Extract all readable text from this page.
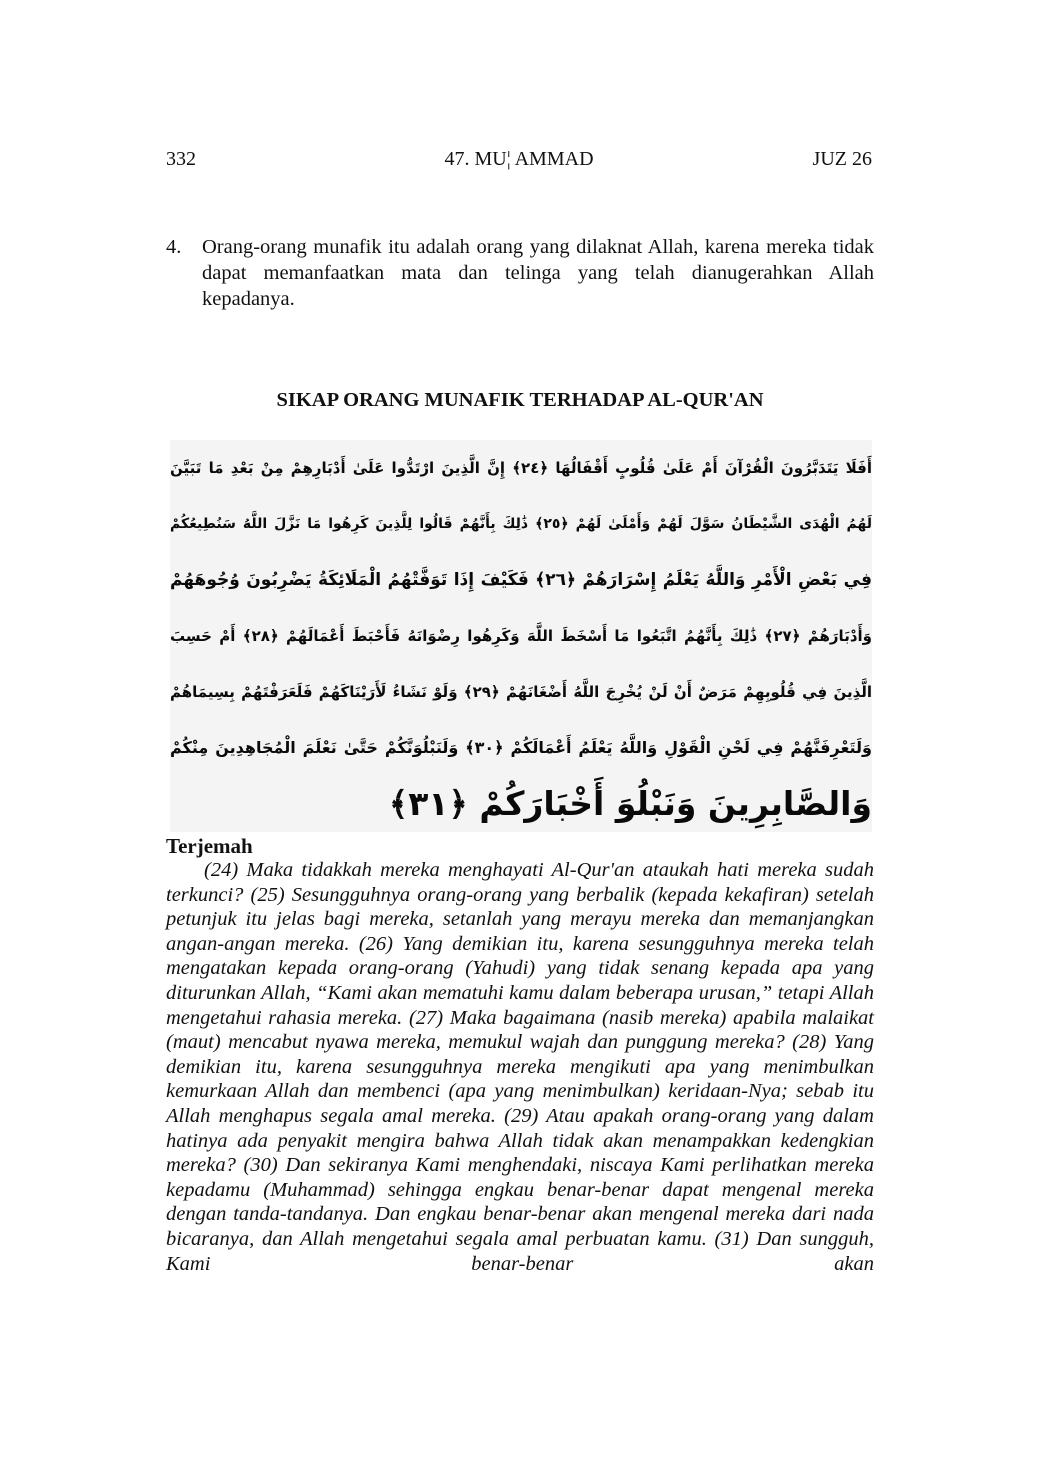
332	47. MU¦ AMMAD	JUZ 26
4. Orang-orang munafik itu adalah orang yang dilaknat Allah, karena mereka tidak dapat memanfaatkan mata dan telinga yang telah dianugerahkan Allah kepadanya.
SIKAP ORANG MUNAFIK TERHADAP AL-QUR'AN
أَفَلَا يَتَدَبَّرُونَ الْقُرْآنَ أَمْ عَلَىٰ قُلُوبٍ أَقْفَالُهَا ﴿٢٤﴾ إِنَّ الَّذِينَ ارْتَدُّوا عَلَىٰ أَدْبَارِهِمْ مِنْ بَعْدِ مَا تَبَيَّنَ
لَهُمُ الْهُدَى الشَّيْطَانُ سَوَّلَ لَهُمْ وَأَمْلَىٰ لَهُمْ ﴿٢٥﴾ ذَٰلِكَ بِأَنَّهُمْ قَالُوا لِلَّذِينَ كَرِهُوا مَا نَزَّلَ اللَّهُ سَنُطِيعُكُمْ
فِي بَعْضِ الْأَمْرِ وَاللَّهُ يَعْلَمُ إِسْرَارَهُمْ ﴿٢٦﴾ فَكَيْفَ إِذَا تَوَفَّتْهُمُ الْمَلَائِكَةُ يَضْرِبُونَ وُجُوهَهُمْ
وَأَدْبَارَهُمْ ﴿٢٧﴾ ذَٰلِكَ بِأَنَّهُمُ اتَّبَعُوا مَا أَسْخَطَ اللَّهَ وَكَرِهُوا رِضْوَانَهُ فَأَحْبَطَ أَعْمَالَهُمْ ﴿٢٨﴾ أَمْ حَسِبَ
الَّذِينَ فِي قُلُوبِهِمْ مَرَضٌ أَنْ لَنْ يُخْرِجَ اللَّهُ أَضْغَانَهُمْ ﴿٢٩﴾ وَلَوْ نَشَاءُ لَأَرَيْنَاكَهُمْ فَلَعَرَفْتَهُمْ بِسِيمَاهُمْ
وَلَتَعْرِفَنَّهُمْ فِي لَحْنِ الْقَوْلِ وَاللَّهُ يَعْلَمُ أَعْمَالَكُمْ ﴿٣٠﴾ وَلَنَبْلُوَنَّكُمْ حَتَّىٰ نَعْلَمَ الْمُجَاهِدِينَ مِنْكُمْ
وَالصَّابِرِينَ وَنَبْلُوَ أَخْبَارَكُمْ ﴿٣١﴾
Terjemah
(24) Maka tidakkah mereka menghayati Al-Qur'an ataukah hati mereka sudah terkunci? (25) Sesungguhnya orang-orang yang berbalik (kepada kekafiran) setelah petunjuk itu jelas bagi mereka, setanlah yang merayu mereka dan memanjangkan angan-angan mereka. (26) Yang demikian itu, karena sesungguhnya mereka telah mengatakan kepada orang-orang (Yahudi) yang tidak senang kepada apa yang diturunkan Allah, “Kami akan mematuhi kamu dalam beberapa urusan,” tetapi Allah mengetahui rahasia mereka. (27) Maka bagaimana (nasib mereka) apabila malaikat (maut) mencabut nyawa mereka, memukul wajah dan punggung mereka? (28) Yang demikian itu, karena sesungguhnya mereka mengikuti apa yang menimbulkan kemurkaan Allah dan membenci (apa yang menimbulkan) keridaan-Nya; sebab itu Allah menghapus segala amal mereka. (29) Atau apakah orang-orang yang dalam hatinya ada penyakit mengira bahwa Allah tidak akan menampakkan kedengkian mereka? (30) Dan sekiranya Kami menghendaki, niscaya Kami perlihatkan mereka kepadamu (Muhammad) sehingga engkau benar-benar dapat mengenal mereka dengan tanda-tandanya. Dan engkau benar-benar akan mengenal mereka dari nada bicaranya, dan Allah mengetahui segala amal perbuatan kamu. (31) Dan sungguh, Kami benar-benar akan
